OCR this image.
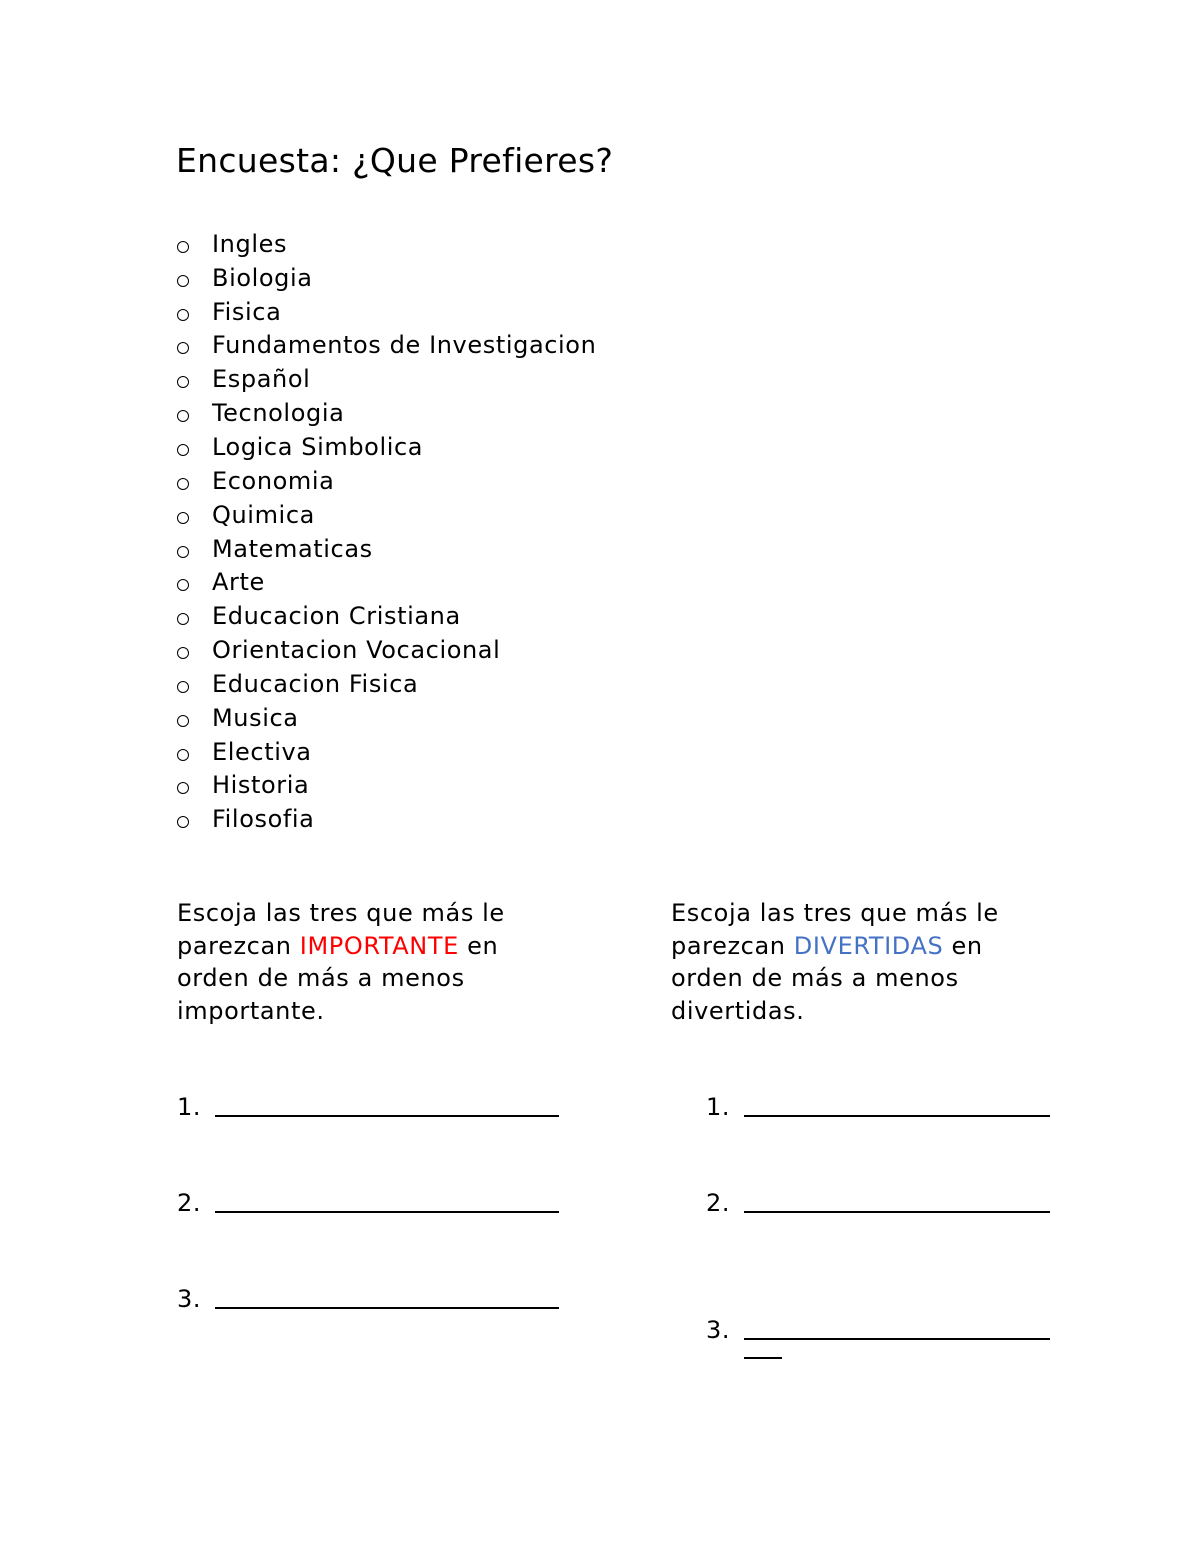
Encuesta: ¿Que Prefieres?
Ingles
Biologia
Fisica
Fundamentos de Investigacion
Español
Tecnologia
Logica Simbolica
Economia
Quimica
Matematicas
Arte
Educacion Cristiana
Orientacion Vocacional
Educacion Fisica
Musica
Electiva
Historia
Filosofia
Escoja las tres que más le parezcan IMPORTANTE en orden de más a menos importante.
Escoja las tres que más le parezcan DIVERTIDAS en orden de más a menos divertidas.
1.
2.
3.
1.
2.
3.
